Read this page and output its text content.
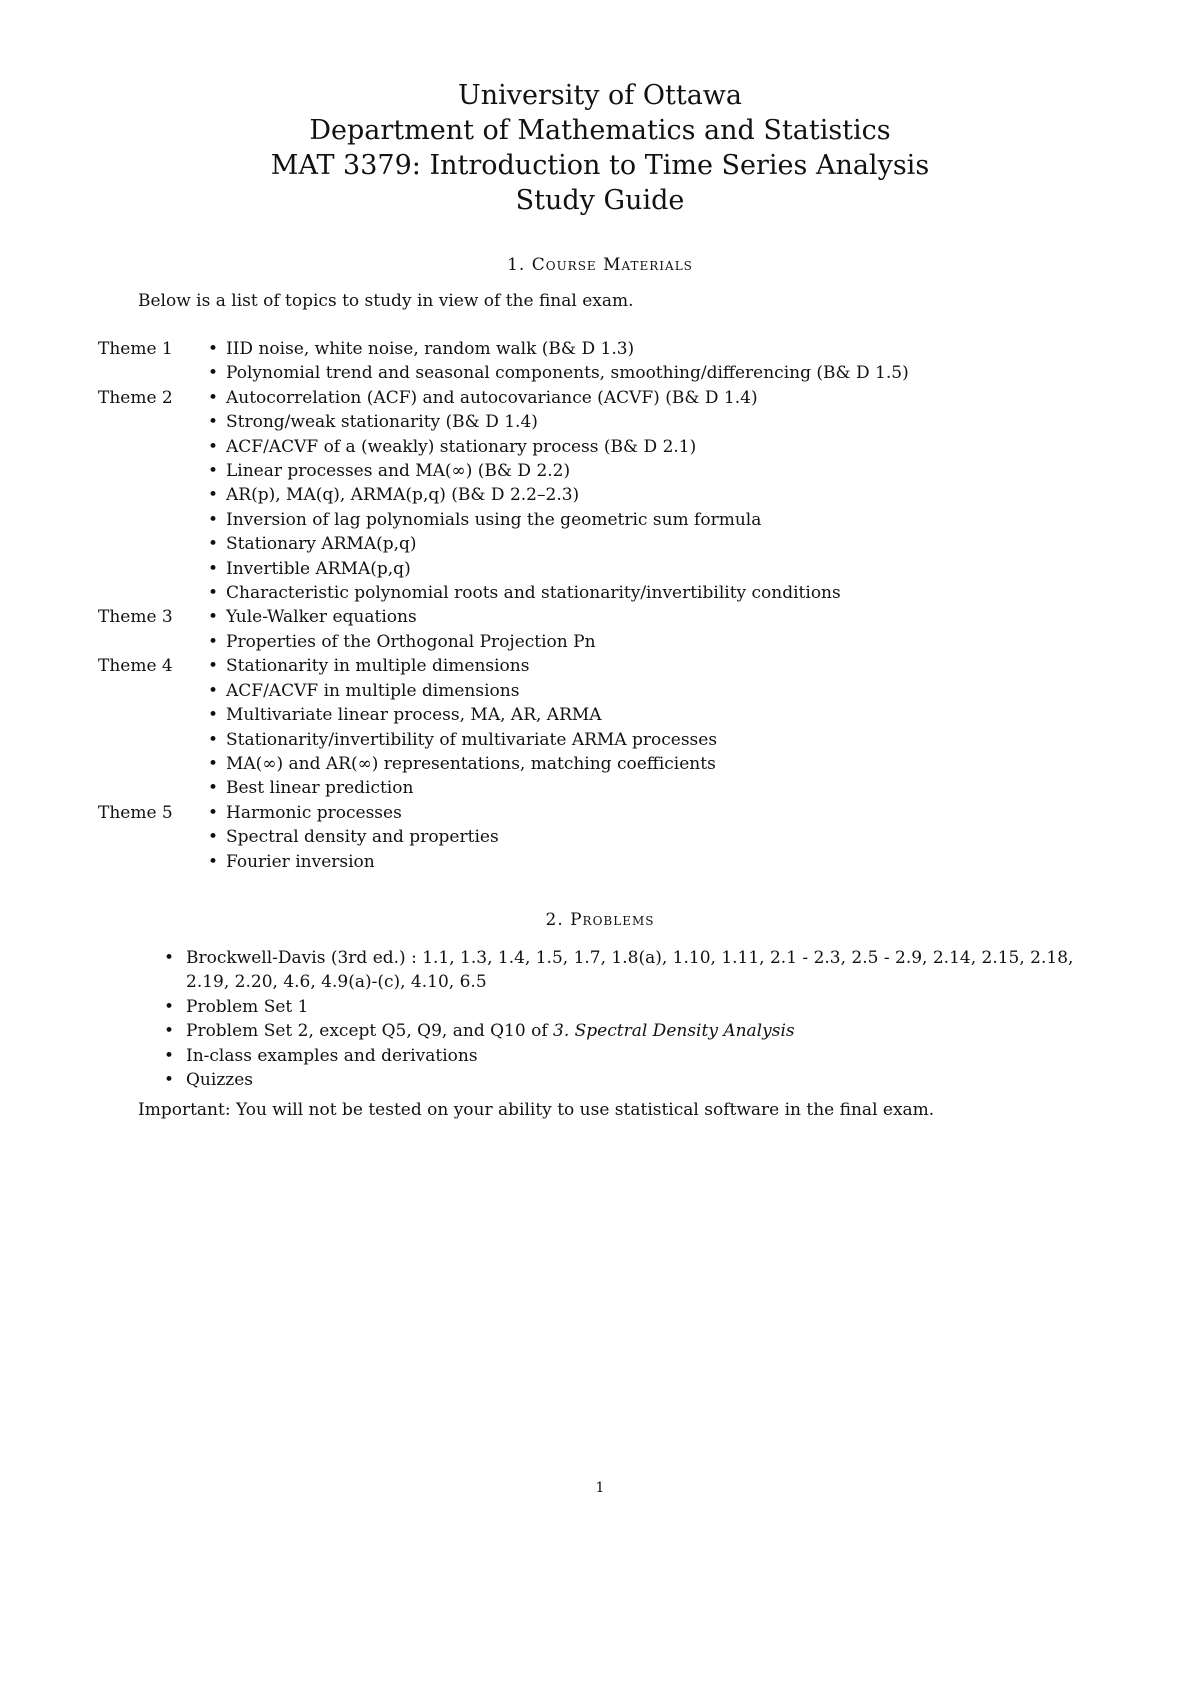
University of Ottawa
Department of Mathematics and Statistics
MAT 3379: Introduction to Time Series Analysis
Study Guide
1. Course Materials
Below is a list of topics to study in view of the final exam.
Theme 1	• IID noise, white noise, random walk (B& D 1.3)
• Polynomial trend and seasonal components, smoothing/differencing (B& D 1.5)
Theme 2	• Autocorrelation (ACF) and autocovariance (ACVF) (B& D 1.4)
• Strong/weak stationarity (B& D 1.4)
• ACF/ACVF of a (weakly) stationary process (B& D 2.1)
• Linear processes and MA(∞) (B& D 2.2)
• AR(p), MA(q), ARMA(p,q) (B& D 2.2–2.3)
• Inversion of lag polynomials using the geometric sum formula
• Stationary ARMA(p,q)
• Invertible ARMA(p,q)
• Characteristic polynomial roots and stationarity/invertibility conditions
Theme 3	• Yule-Walker equations
• Properties of the Orthogonal Projection Pn
Theme 4	• Stationarity in multiple dimensions
• ACF/ACVF in multiple dimensions
• Multivariate linear process, MA, AR, ARMA
• Stationarity/invertibility of multivariate ARMA processes
• MA(∞) and AR(∞) representations, matching coefficients
• Best linear prediction
Theme 5	• Harmonic processes
• Spectral density and properties
• Fourier inversion
2. Problems
• Brockwell-Davis (3rd ed.) : 1.1, 1.3, 1.4, 1.5, 1.7, 1.8(a), 1.10, 1.11, 2.1 - 2.3, 2.5 - 2.9, 2.14, 2.15, 2.18, 2.19, 2.20, 4.6, 4.9(a)-(c), 4.10, 6.5
• Problem Set 1
• Problem Set 2, except Q5, Q9, and Q10 of 3. Spectral Density Analysis
• In-class examples and derivations
• Quizzes
Important: You will not be tested on your ability to use statistical software in the final exam.
1
